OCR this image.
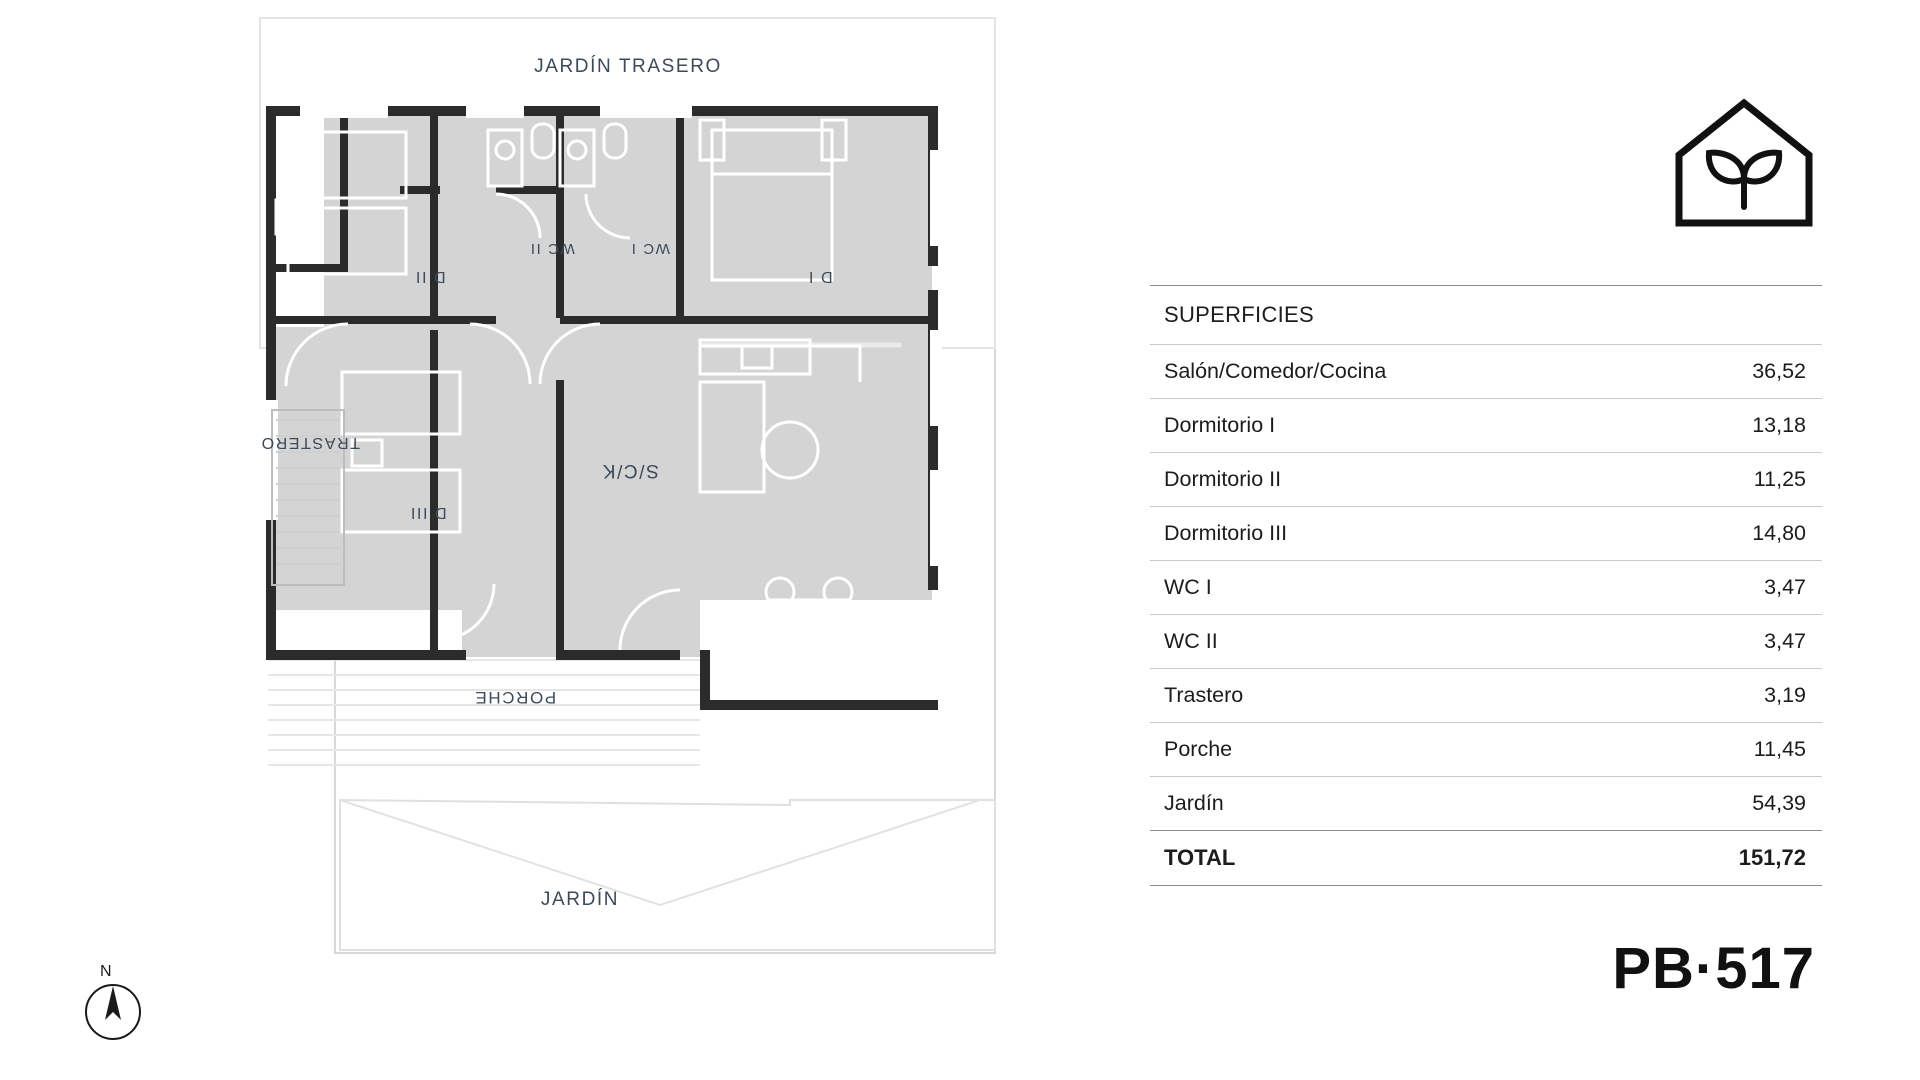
JARDÍN TRASERO
JARDÍN
PORCHE
TRASTERO
S/C/K
D I
D II
D III
WC I
WC II
N
SUPERFICIES	
Salón/Comedor/Cocina	36,52
Dormitorio I	13,18
Dormitorio II	11,25
Dormitorio III	14,80
WC I	3,47
WC II	3,47
Trastero	3,19
Porche	11,45
Jardín	54,39
TOTAL	151,72
PB·517
